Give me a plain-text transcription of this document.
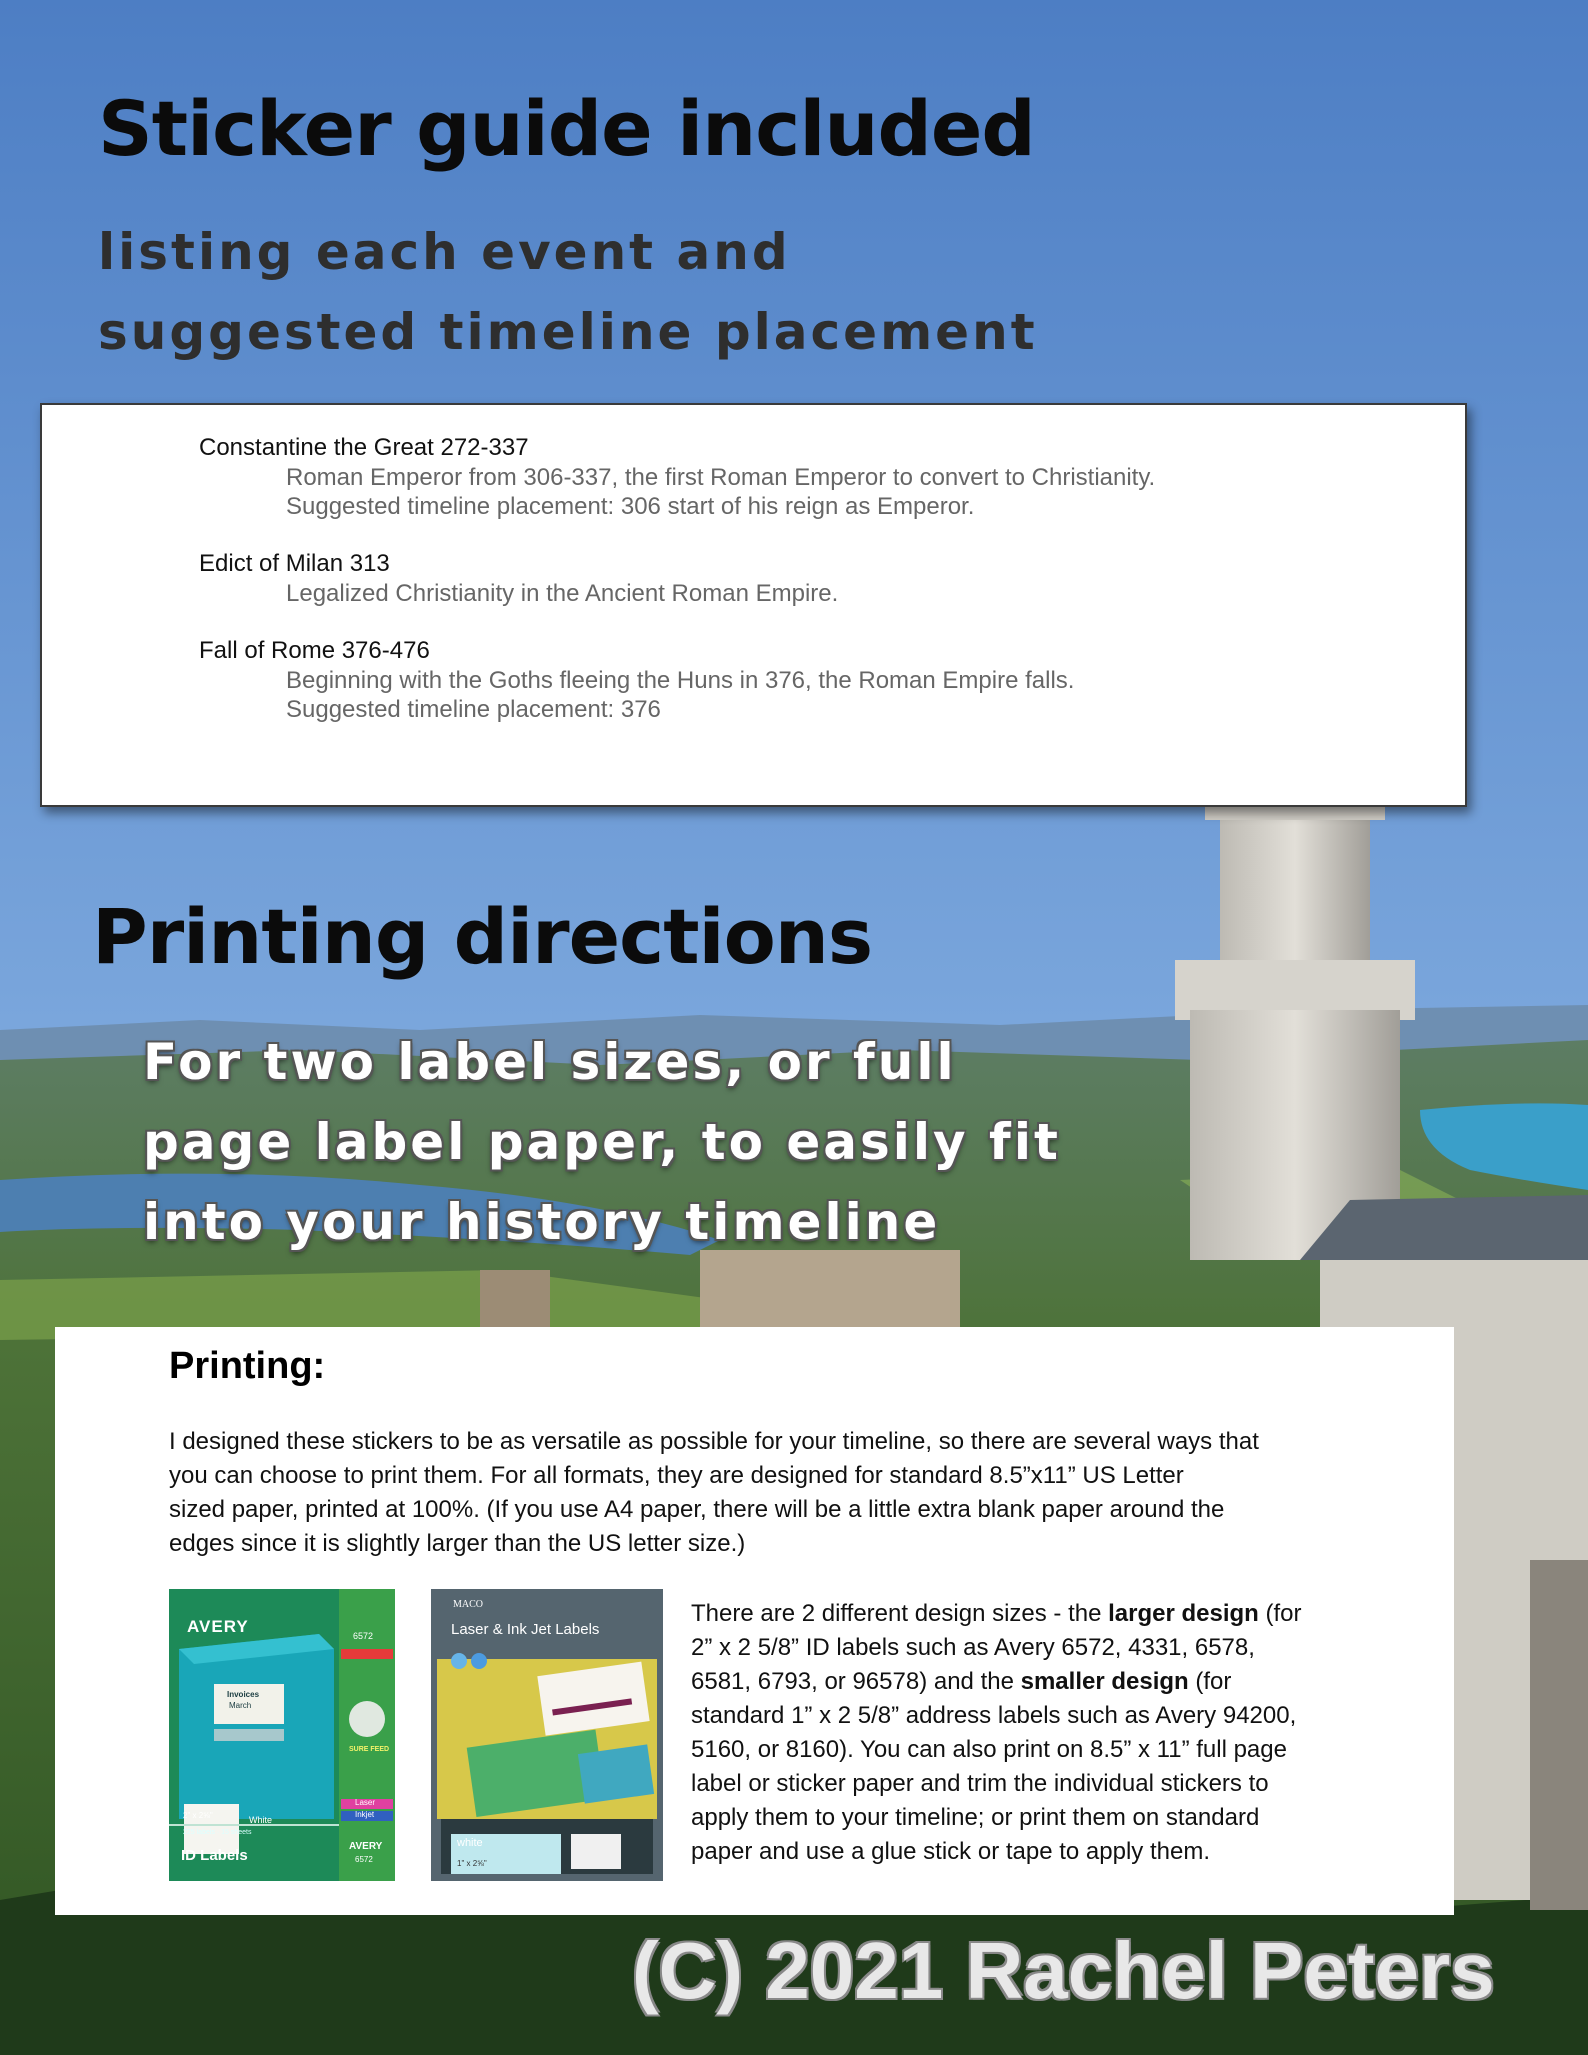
Sticker guide included

listing each event and
suggested timeline placement

Constantine the Great 272-337
Roman Emperor from 306-337, the first Roman Emperor to convert to Christianity.
Suggested timeline placement: 306 start of his reign as Emperor.
Edict of Milan 313
Legalized Christianity in the Ancient Roman Empire.
Fall of Rome 376-476
Beginning with the Goths fleeing the Huns in 376, the Roman Empire falls.
Suggested timeline placement: 376
Printing directions

For two label sizes, or full
page label paper, to easily fit
into your history timeline

Printing:
I designed these stickers to be as versatile as possible for your timeline, so there are several ways that
you can choose to print them. For all formats, they are designed for standard 8.5”x11” US Letter
sized paper, printed at 100%. (If you use A4 paper, there will be a little extra blank paper around the
edges since it is slightly larger than the US letter size.)
AVERY	6572
Invoices
March
SURE FEED
Laser
Inkjet
2" x 2⅝"	White
225 labels · 15 sheets
ID Labels
AVERY
6572
MACO
Laser & Ink Jet Labels
white
1" x 2⅝"
There are 2 different design sizes - the larger design (for
2” x 2 5/8” ID labels such as Avery 6572, 4331, 6578,
6581, 6793, or 96578) and the smaller design (for
standard 1” x 2 5/8” address labels such as Avery 94200,
5160, or 8160). You can also print on 8.5” x 11” full page
label or sticker paper and trim the individual stickers to
apply them to your timeline; or print them on standard
paper and use a glue stick or tape to apply them.
(C) 2021 Rachel Peters
